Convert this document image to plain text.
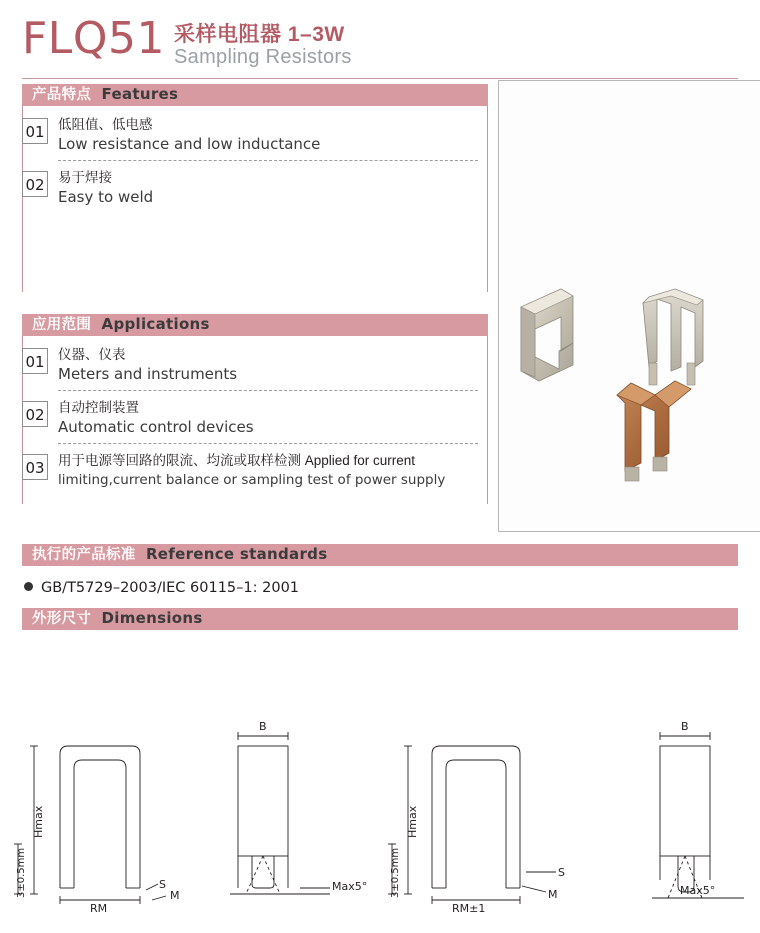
FLQ51 采样电阻器 1–3W
Sampling Resistors
产品特点 Features
01 低阻值、低电感
Low resistance and low inductance
02 易于焊接
Easy to weld
应用范围 Applications
01 仪器、仪表
Meters and instruments
02 自动控制装置
Automatic control devices
03 用于电源等回路的限流、均流或取样检测 Applied for current
limiting,current balance or sampling test of power supply
执行的产品标准 Reference standards
GB/T5729–2003/IEC 60115–1: 2001
外形尺寸 Dimensions
Hmax
3±0.5mm
RM
S
M
B
Max5°
Hmax
3±0.5mm
RM±1
S
M
B
Max5°
